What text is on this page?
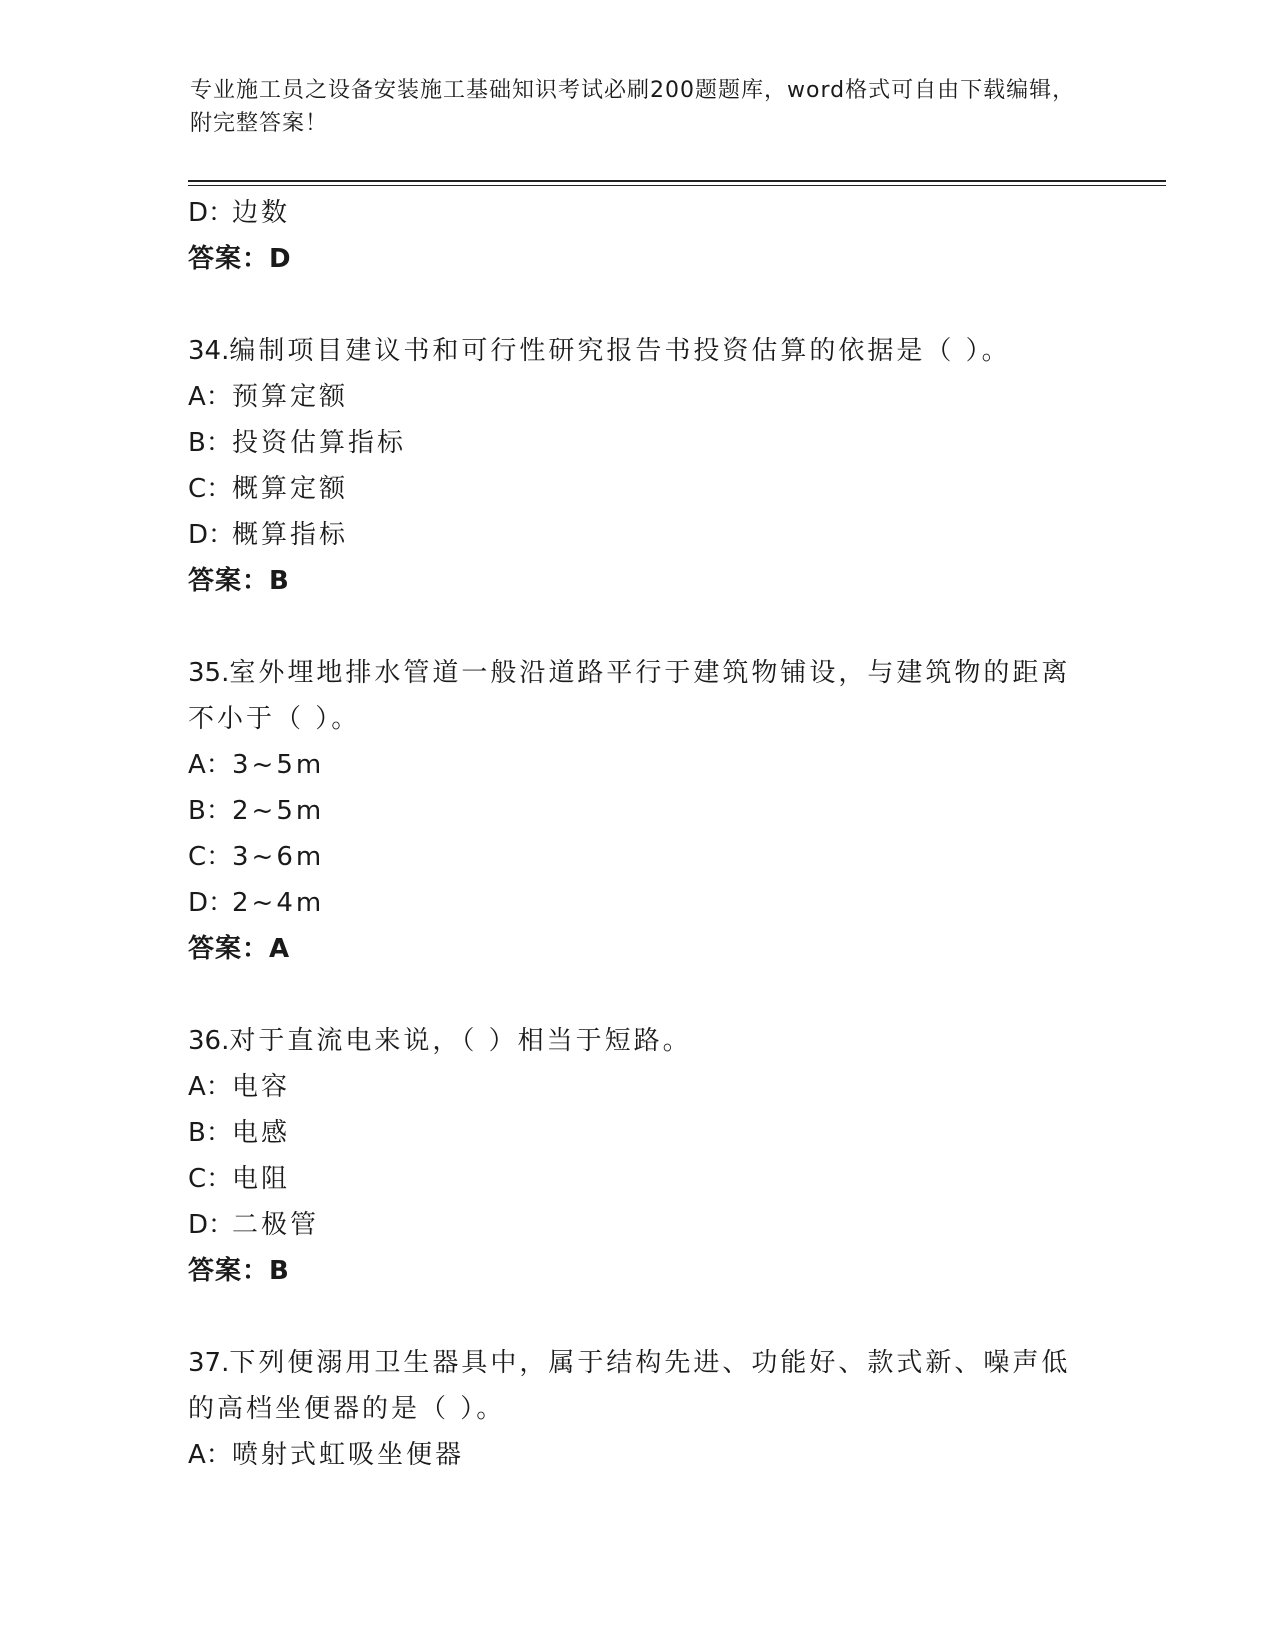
专业施工员之设备安装施工基础知识考试必刷200题题库，word格式可自由下载编辑，附完整答案！
D：边数
答案：D
34.编制项目建议书和可行性研究报告书投资估算的依据是（ ）。
A：预算定额
B：投资估算指标
C：概算定额
D：概算指标
答案：B
35.室外埋地排水管道一般沿道路平行于建筑物铺设，与建筑物的距离不小于（ ）。
A：3~5m
B：2~5m
C：3~6m
D：2~4m
答案：A
36.对于直流电来说，（ ）相当于短路。
A：电容
B：电感
C：电阻
D：二极管
答案：B
37.下列便溺用卫生器具中，属于结构先进、功能好、款式新、噪声低的高档坐便器的是（ ）。
A：喷射式虹吸坐便器
